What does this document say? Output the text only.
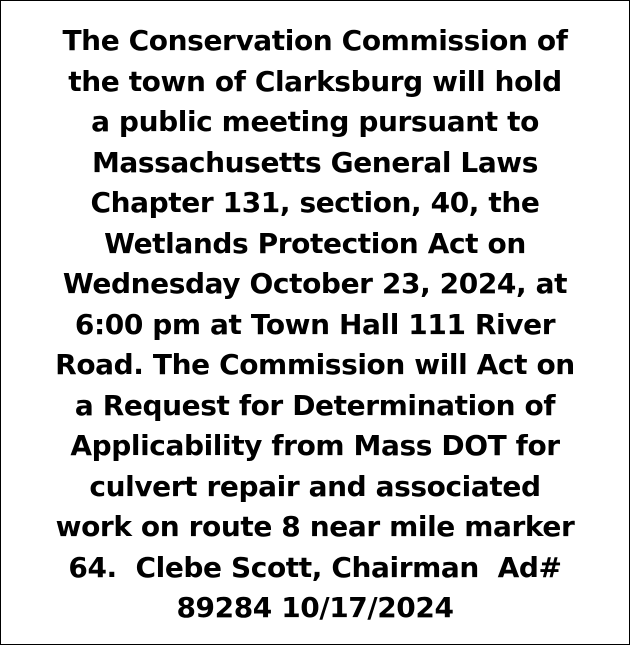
The Conservation Commission of
the town of Clarksburg will hold
a public meeting pursuant to
Massachusetts General Laws
Chapter 131, section, 40, the
Wetlands Protection Act on
Wednesday October 23, 2024, at
6:00 pm at Town Hall 111 River
Road. The Commission will Act on
a Request for Determination of
Applicability from Mass DOT for
culvert repair and associated
work on route 8 near mile marker
64.  Clebe Scott, Chairman  Ad#
89284 10/17/2024
